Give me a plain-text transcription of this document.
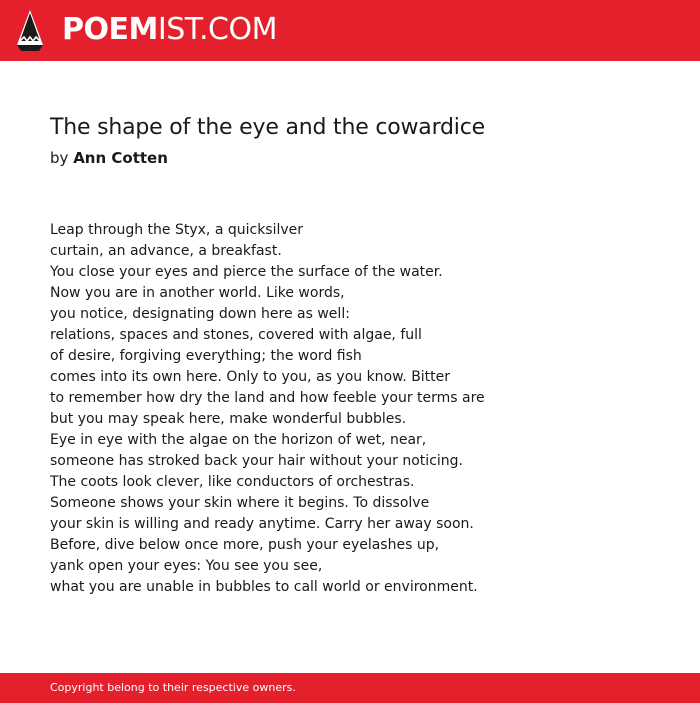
POEMIST.COM
The shape of the eye and the cowardice
by Ann Cotten
Leap through the Styx, a quicksilver
curtain, an advance, a breakfast.
You close your eyes and pierce the surface of the water.
Now you are in another world. Like words,
you notice, designating down here as well:
relations, spaces and stones, covered with algae, full
of desire, forgiving everything; the word fish
comes into its own here. Only to you, as you know. Bitter
to remember how dry the land and how feeble your terms are
but you may speak here, make wonderful bubbles.
Eye in eye with the algae on the horizon of wet, near,
someone has stroked back your hair without your noticing.
The coots look clever, like conductors of orchestras.
Someone shows your skin where it begins. To dissolve
your skin is willing and ready anytime. Carry her away soon.
Before, dive below once more, push your eyelashes up,
yank open your eyes: You see you see,
what you are unable in bubbles to call world or environment.
Copyright belong to their respective owners.
